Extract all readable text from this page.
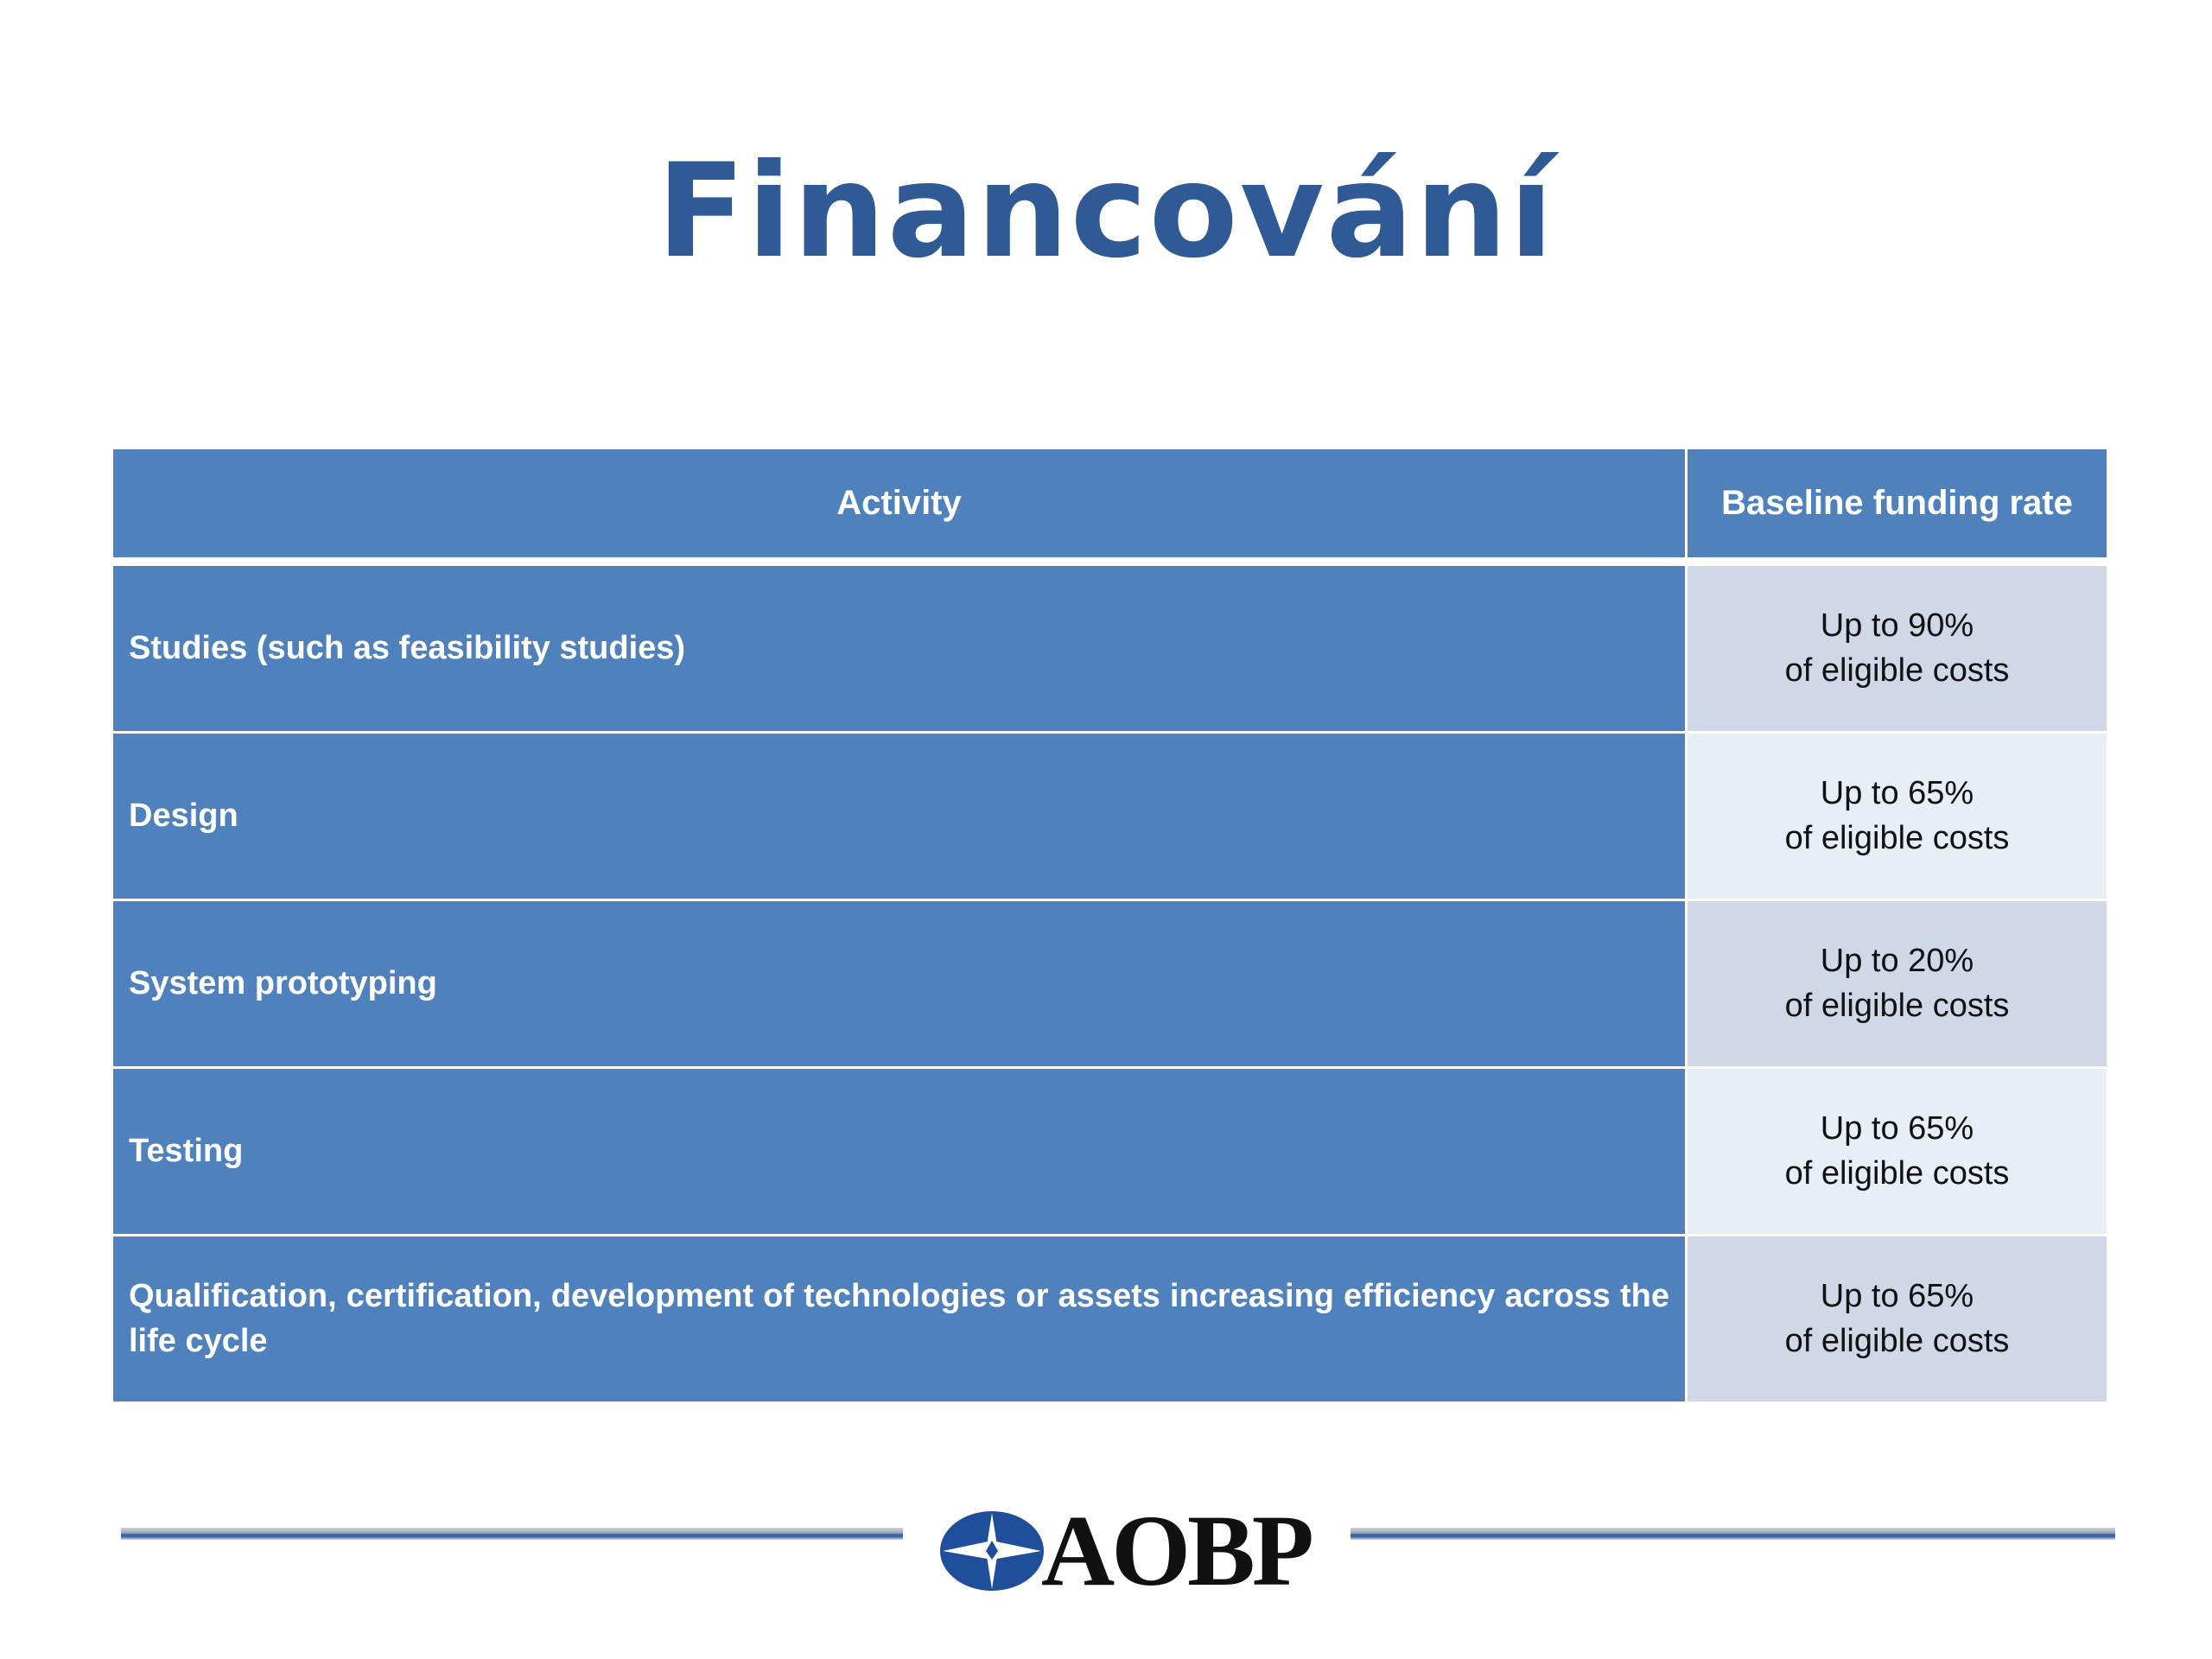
Financování
Activity	Baseline funding rate
Studies (such as feasibility studies)
Up to 90%
of eligible costs
Design
Up to 65%
of eligible costs
System prototyping
Up to 20%
of eligible costs
Testing
Up to 65%
of eligible costs
Qualification, certification, development of technologies or assets increasing efficiency across the life cycle
Up to 65%
of eligible costs
AOBP
